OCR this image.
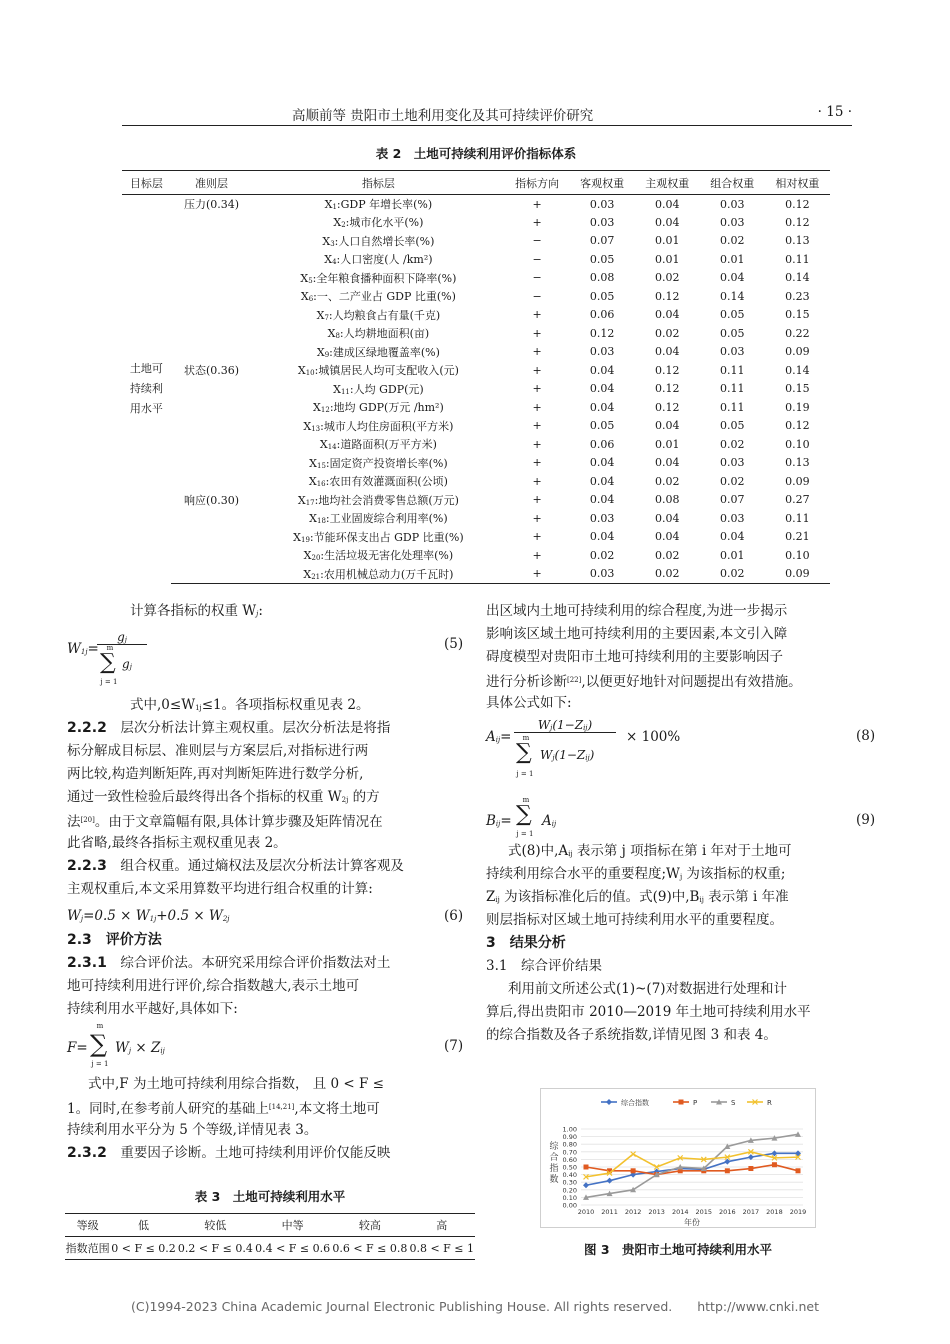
高顺前等 贵阳市土地利用变化及其可持续评价研究	· 15 ·
表 2　土地可持续利用评价指标体系
目标层	准则层	指标层	指标方向	客观权重	主观权重	组合权重	相对权重

土地可
持续利
用水平	压力(0.34)	X1:GDP 年增长率(%)	+	0.03	0.04	0.03	0.12
		X2:城市化水平(%)	+	0.03	0.04	0.03	0.12
		X3:人口自然增长率(%)	−	0.07	0.01	0.02	0.13
		X4:人口密度(人 /km²)	−	0.05	0.01	0.01	0.11
		X5:全年粮食播种面积下降率(%)	−	0.08	0.02	0.04	0.14
		X6:一、二产业占 GDP 比重(%)	−	0.05	0.12	0.14	0.23
		X7:人均粮食占有量(千克)	+	0.06	0.04	0.05	0.15
		X8:人均耕地面积(亩)	+	0.12	0.02	0.05	0.22
		X9:建成区绿地覆盖率(%)	+	0.03	0.04	0.03	0.09
	状态(0.36)	X10:城镇居民人均可支配收入(元)	+	0.04	0.12	0.11	0.14
		X11:人均 GDP(元)	+	0.04	0.12	0.11	0.15
		X12:地均 GDP(万元 /hm²)	+	0.04	0.12	0.11	0.19
		X13:城市人均住房面积(平方米)	+	0.05	0.04	0.05	0.12
		X14:道路面积(万平方米)	+	0.06	0.01	0.02	0.10
		X15:固定资产投资增长率(%)	+	0.04	0.04	0.03	0.13
		X16:农田有效灌溉面积(公顷)	+	0.04	0.02	0.02	0.09
	响应(0.30)	X17:地均社会消费零售总额(万元)	+	0.04	0.08	0.07	0.27
		X18:工业固废综合利用率(%)	+	0.03	0.04	0.03	0.11
		X19:节能环保支出占 GDP 比重(%)	+	0.04	0.04	0.04	0.21
		X20:生活垃圾无害化处理率(%)	+	0.02	0.02	0.01	0.10
		X21:农用机械总动力(万千瓦时)	+	0.03	0.02	0.02	0.09
计算各指标的权重 Wj:
W1j=
gj
m
∑ gj
j = 1
(5)
式中,0≤W1j≤1。各项指标权重见表 2。
2.2.2　 层次分析法计算主观权重。层次分析法是将指
标分解成目标层、准则层与方案层后,对指标进行两
两比较,构造判断矩阵,再对判断矩阵进行数学分析,
通过一致性检验后最终得出各个指标的权重 W2j 的方
法[20]。由于文章篇幅有限,具体计算步骤及矩阵情况在
此省略,最终各指标主观权重见表 2。
2.2.3　 组合权重。通过熵权法及层次分析法计算客观及
主观权重后,本文采用算数平均进行组合权重的计算:
Wj=0.5 × W1j+0.5 × W2j	(6)
2.3　评价方法
2.3.1　 综合评价法。本研究采用综合评价指数法对土
地可持续利用进行评价,综合指数越大,表示土地可
持续利用水平越好,具体如下:
F=
m
∑
j = 1
Wj × Zij	(7)
式中,F 为土地可持续利用综合指数， 且 0 < F ≤
1。同时,在参考前人研究的基础上[14,21],本文将土地可
持续利用水平分为 5 个等级,详情见表 3。
2.3.2　 重要因子诊断。土地可持续利用评价仅能反映
表 3　土地可持续利用水平
等级	低	较低	中等	较高	高
指数范围	0 < F ≤ 0.2	0.2 < F ≤ 0.4	0.4 < F ≤ 0.6	0.6 < F ≤ 0.8	0.8 < F ≤ 1
出区域内土地可持续利用的综合程度,为进一步揭示
影响该区域土地可持续利用的主要因素,本文引入障
碍度模型对贵阳市土地可持续利用的主要影响因子
进行分析诊断[22],以便更好地针对问题提出有效措施。
具体公式如下:
Aij=
Wj(1−Zij)
m
∑ Wj(1−Zij)
j = 1
× 100%	(8)
Bij=
m
∑
j = 1
Aij	(9)
式(8)中,Aij 表示第 j 项指标在第 i 年对于土地可
持续利用综合水平的重要程度;Wj 为该指标的权重;
Zij 为该指标准化后的值。式(9)中,Bij 表示第 i 年准
则层指标对区域土地可持续利用水平的重要程度。
3　结果分析
3.1　综合评价结果
利用前文所述公式(1)~(7)对数据进行处理和计
算后,得出贵阳市 2010—2019 年土地可持续利用水平
的综合指数及各子系统指数,详情见图 3 和表 4。
0.00
0.10
0.20
0.30
0.40
0.50
0.60
0.70
0.80
0.90
1.00
2010 2011 2012 2013 2014 2015 2016 2017 2018 2019
年份
综
合
指
数
综合指数	P	S	R
图 3　贵阳市土地可持续利用水平
(C)1994-2023 China Academic Journal Electronic Publishing House. All rights reserved.　　http://www.cnki.net
